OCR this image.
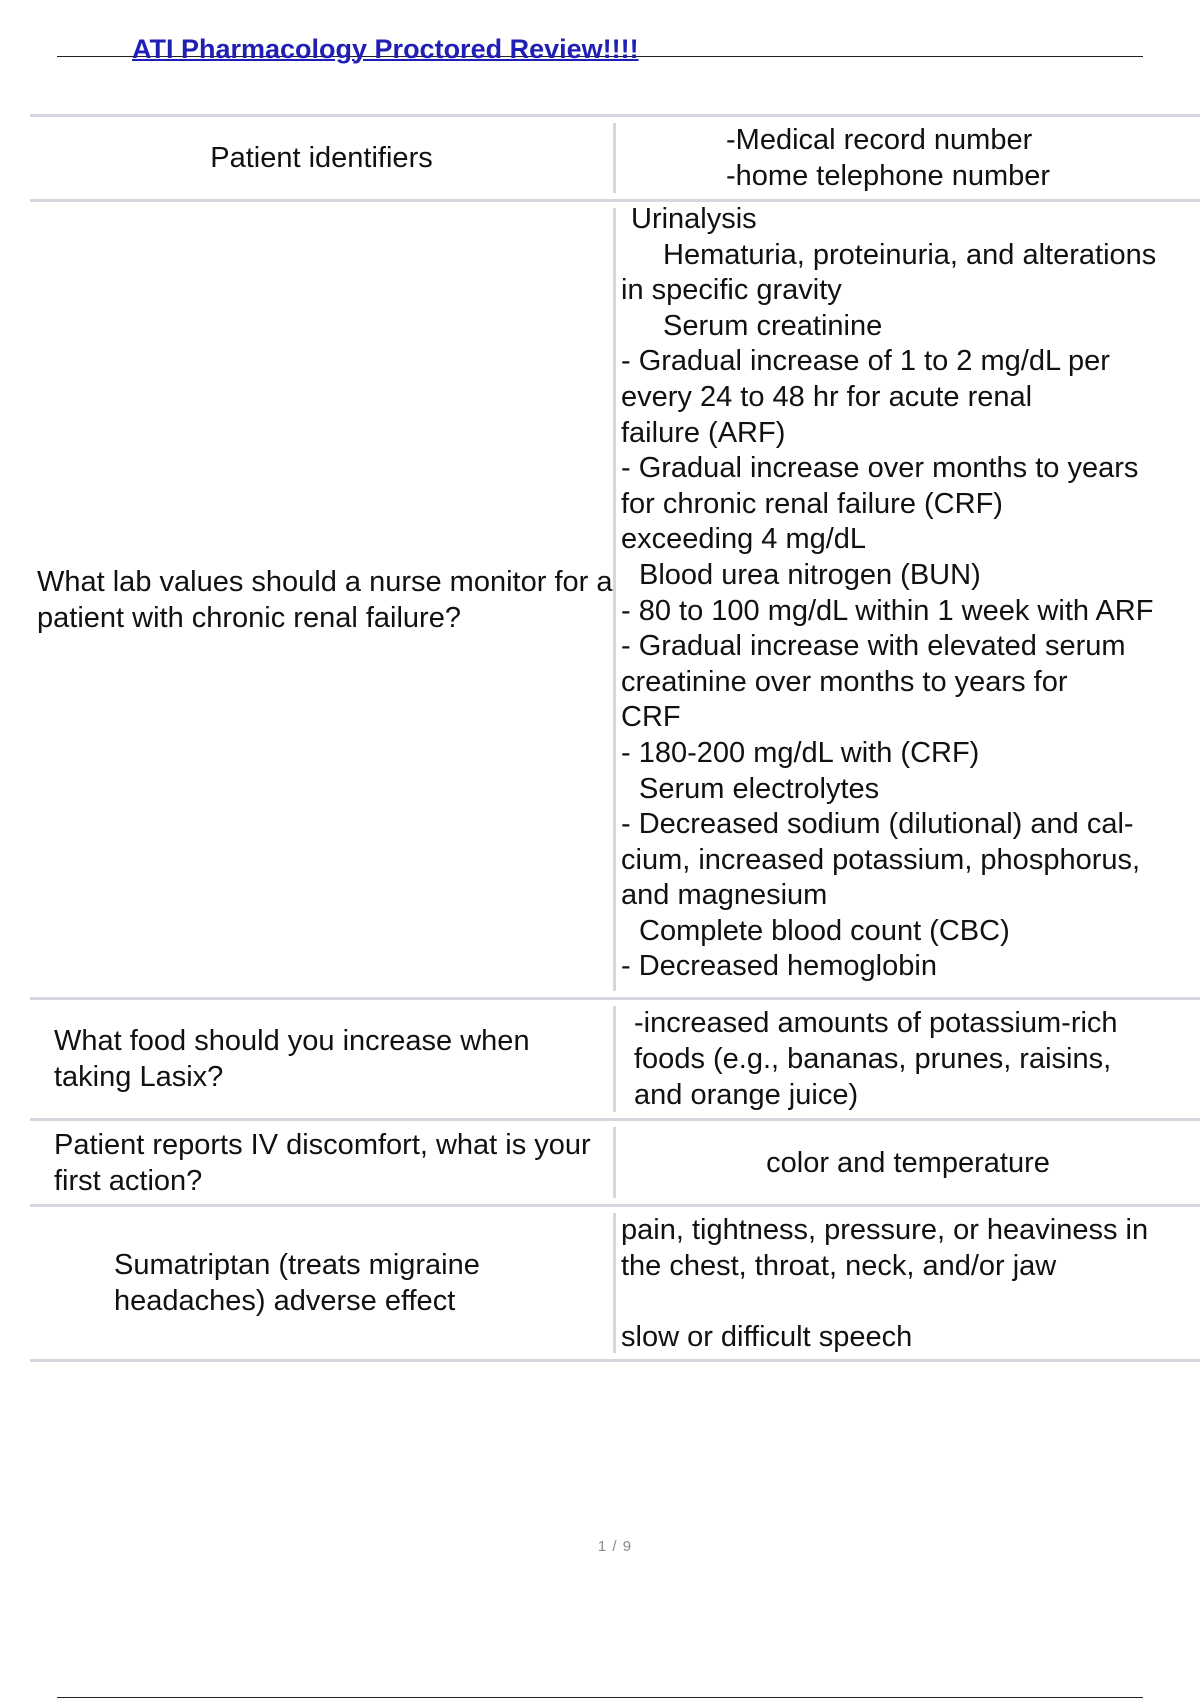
ATI Pharmacology Proctored Review!!!!
Patient identifiers
-Medical record number
-home telephone number
What lab values should a nurse monitor for a patient with chronic renal failure?
Urinalysis
Hematuria, proteinuria, and alterations
in specific gravity
Serum creatinine
- Gradual increase of 1 to 2 mg/dL per
every 24 to 48 hr for acute renal
failure (ARF)
- Gradual increase over months to years
for chronic renal failure (CRF)
exceeding 4 mg/dL
Blood urea nitrogen (BUN)
- 80 to 100 mg/dL within 1 week with ARF
- Gradual increase with elevated serum
creatinine over months to years for
CRF
- 180-200 mg/dL with (CRF)
Serum electrolytes
- Decreased sodium (dilutional) and cal-
cium, increased potassium, phosphorus,
and magnesium
Complete blood count (CBC)
- Decreased hemoglobin
What food should you increase when taking Lasix?
-increased amounts of potassium-rich
foods (e.g., bananas, prunes, raisins,
and orange juice)
Patient reports IV discomfort, what is your first action?
color and temperature
Sumatriptan (treats migraine headaches) adverse effect
pain, tightness, pressure, or heaviness in
the chest, throat, neck, and/or jaw
slow or difficult speech
1 / 9
